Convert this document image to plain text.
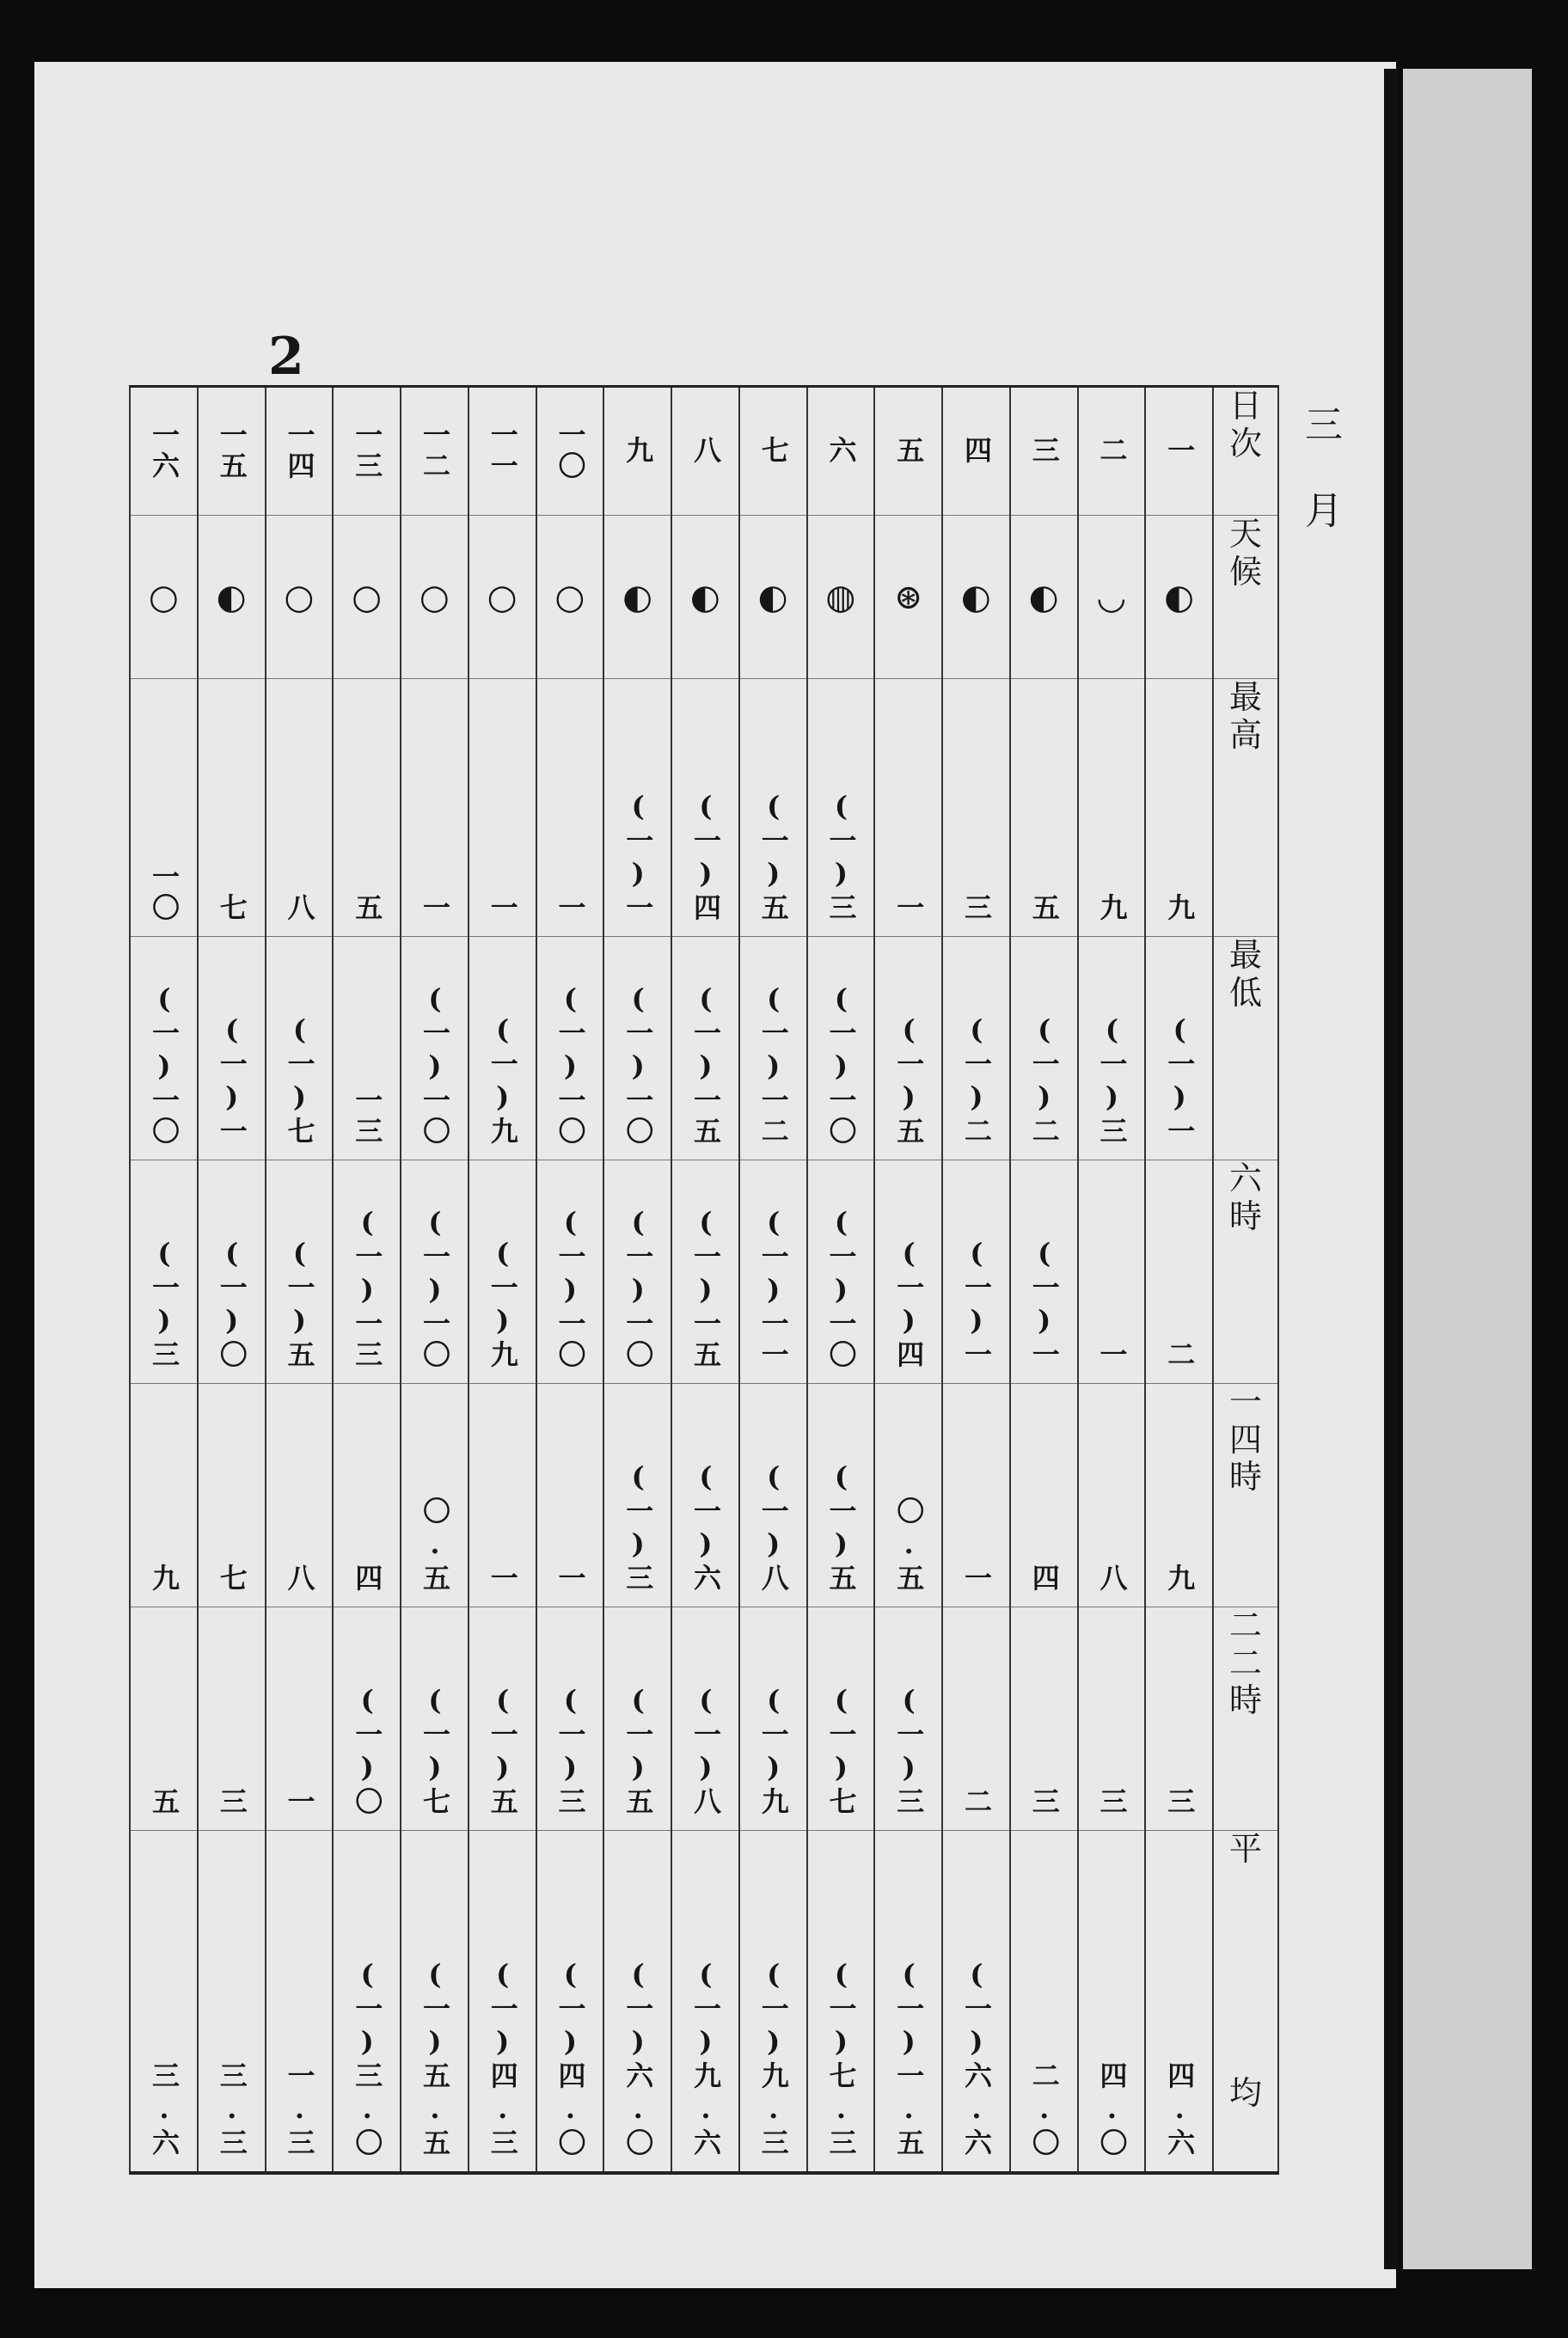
2
三
月
一六	一五	一四	一三	一二	一一	一〇	九	八	七	六	五	四	三	二	一	日
次

○	◐	○	○	○	○	○	◐	◐	◐	◍	⊛	◐	◐	◡	◐	天
候

一〇	七	八	五	一	一	一	(一)一	(一)四	(一)五	(一)三	一	三	五	九	九	最
高

(一)一〇	(一)一	(一)七	一三	(一)一〇	(一)九	(一)一〇	(一)一〇	(一)一五	(一)一二	(一)一〇	(一)五	(一)二	(一)二	(一)三	(一)一	最
低

(一)三	(一)〇	(一)五	(一)一三	(一)一〇	(一)九	(一)一〇	(一)一〇	(一)一五	(一)一一	(一)一〇	(一)四	(一)一	(一)一	一	二	六
時

九	七	八	四	〇.五	一	一	(一)三	(一)六	(一)八	(一)五	〇.五	一	四	八	九	一
四
時

五	三	一	(一)〇	(一)七	(一)五	(一)三	(一)五	(一)八	(一)九	(一)七	(一)三	二	三	三	三	二
二
時

三.六	三.三	一.三	(一)三.〇	(一)五.五	(一)四.三	(一)四.〇	(一)六.〇	(一)九.六	(一)九.三	(一)七.三	(一)一.五	(一)六.六	二.〇	四.〇	四.六	平
均
